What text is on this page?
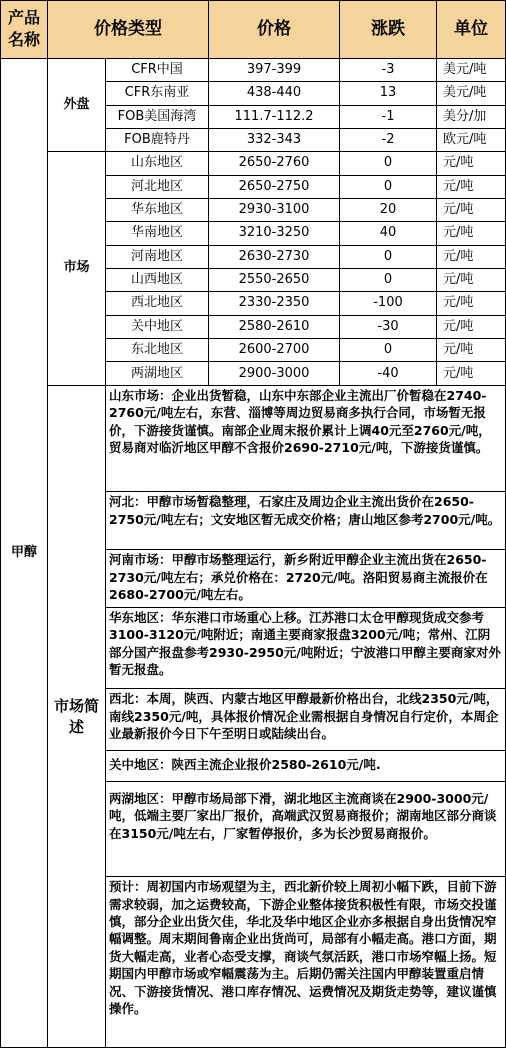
产品名称	价格类型		价格	涨跌	单位
甲醇	外盘	CFR中国	397-399	-3	美元/吨
		CFR东南亚	438-440	13	美元/吨
		FOB美国海湾	111.7-112.2	-1	美分/加
		FOB鹿特丹	332-343	-2	欧元/吨
	市场	山东地区	2650-2760	0	元/吨
		河北地区	2650-2750	0	元/吨
		华东地区	2930-3100	20	元/吨
		华南地区	3210-3250	40	元/吨
		河南地区	2630-2730	0	元/吨
		山西地区	2550-2650	0	元/吨
		西北地区	2330-2350	-100	元/吨
		关中地区	2580-2610	-30	元/吨
		东北地区	2600-2700	0	元/吨
		两湖地区	2900-3000	-40	元/吨
	市场简述	山东市场：企业出货暂稳，山东中东部企业主流出厂价暂稳在2740-2760元/吨左右，东营、淄博等周边贸易商多执行合同，市场暂无报价，下游接货谨慎。南部企业周末报价累计上调40元至2760元/吨，贸易商对临沂地区甲醇不含报价2690-2710元/吨，下游接货谨慎。			
		河北：甲醇市场暂稳整理，石家庄及周边企业主流出货价在2650-2750元/吨左右；文安地区暂无成交价格；唐山地区参考2700元/吨。			
		河南市场：甲醇市场整理运行，新乡附近甲醇企业主流出货在2650-2730元/吨左右；承兑价格在：2720元/吨。洛阳贸易商主流报价在2680-2700元/吨左右。			
		华东地区：华东港口市场重心上移。江苏港口太仓甲醇现货成交参考3100-3120元/吨附近；南通主要商家报盘3200元/吨；常州、江阴部分国产报盘参考2930-2950元/吨附近；宁波港口甲醇主要商家对外暂无报盘。			
		西北：本周，陕西、内蒙古地区甲醇最新价格出台，北线2350元/吨，南线2350元/吨，具体报价情况企业需根据自身情况自行定价，本周企业最新报价今日下午至明日或陆续出台。			
		关中地区：陕西主流企业报价2580-2610元/吨.			
		两湖地区：甲醇市场局部下滑，湖北地区主流商谈在2900-3000元/吨，低端主要厂家出厂报价，高端武汉贸易商报价；湖南地区部分商谈在3150元/吨左右，厂家暂停报价，多为长沙贸易商报价。			
		预计：周初国内市场观望为主，西北新价较上周初小幅下跌，目前下游需求较弱，加之运费较高，下游企业整体接货积极性有限，市场交投谨慎，部分企业出货欠佳，华北及华中地区企业亦多根据自身出货情况窄幅调整。周末期间鲁南企业出货尚可，局部有小幅走高。港口方面，期货大幅走高，业者心态受支撑，商谈气氛活跃，港口市场窄幅上扬。短期国内甲醇市场或窄幅震荡为主。后期仍需关注国内甲醇装置重启情况、下游接货情况、港口库存情况、运费情况及期货走势等，建议谨慎操作。			
